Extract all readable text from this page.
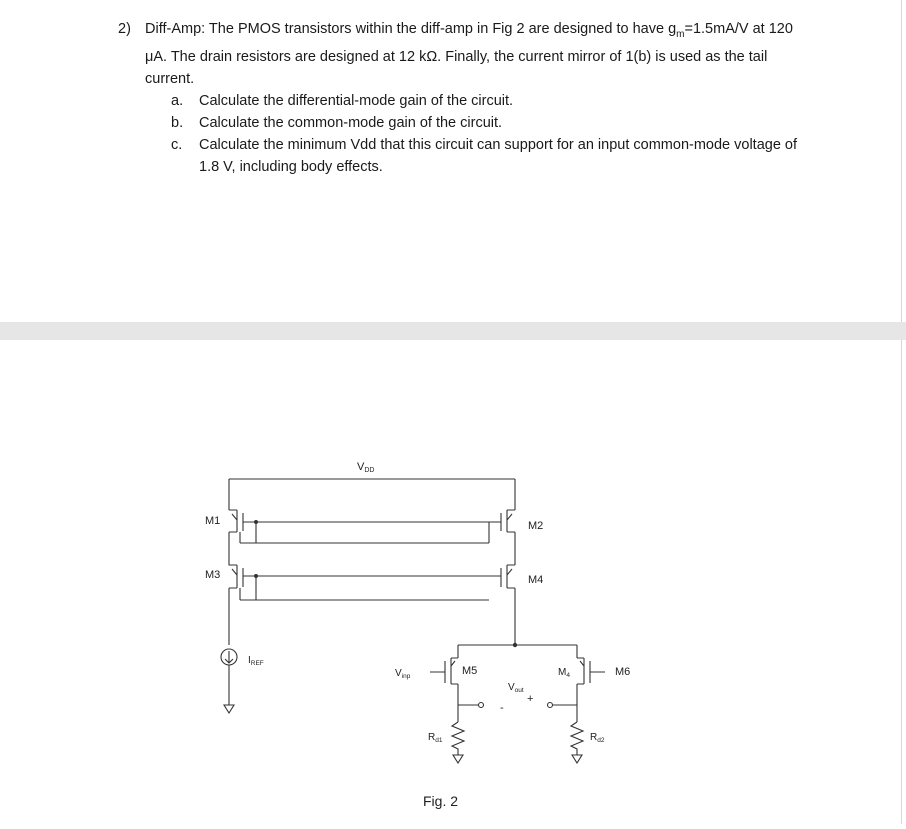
2) Diff-Amp: The PMOS transistors within the diff-amp in Fig 2 are designed to have $g_m=1.5mA/V$ at 120 μA. The drain resistors are designed at 12 kΩ. Finally, the current mirror of 1(b) is used as the tail current.
a. Calculate the differential-mode gain of the circuit.
b. Calculate the common-mode gain of the circuit.
c. Calculate the minimum Vdd that this circuit can support for an input common-mode voltage of 1.8 V, including body effects.
VDD
M1	M2
M3	M4
$I_{REF}$
$V_{inp}$	M5
$V_{out}$
-
+
$M_4$	M6
$R_{d1}$	$R_{d2}$
Fig. 2
